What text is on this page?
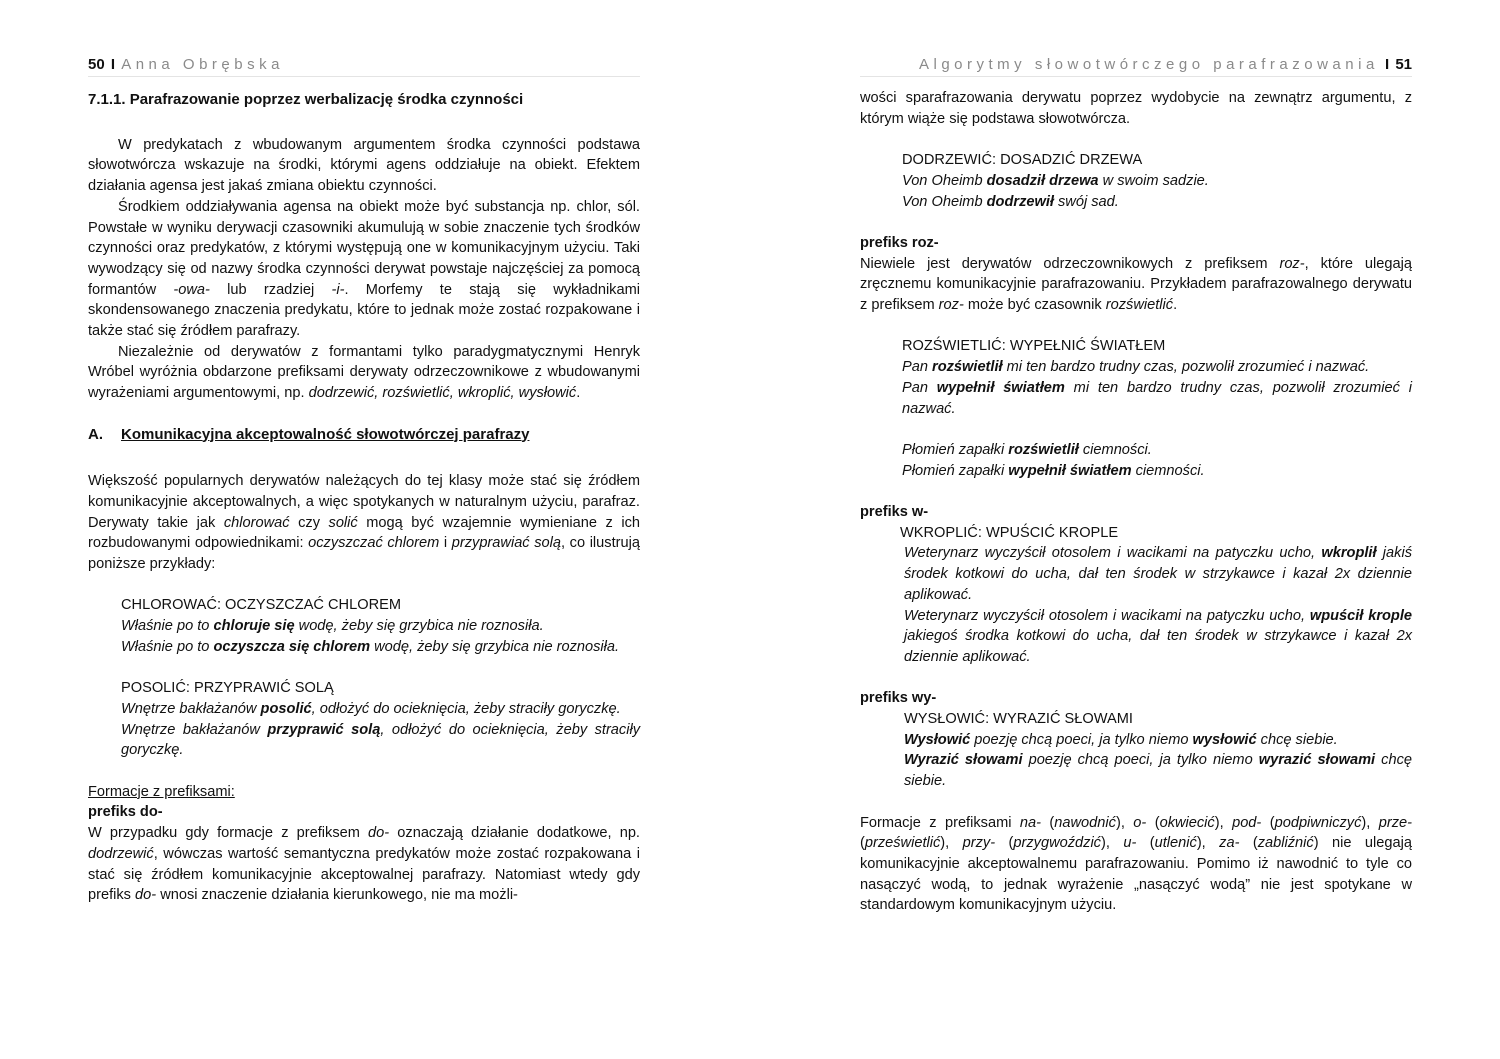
50 I Anna Obrębska

7.1.1. Parafrazowanie poprzez werbalizację środka czynności

W predykatach z wbudowanym argumentem środka czynności podstawa słowotwórcza wskazuje na środki, którymi agens oddziałuje na obiekt. Efektem działania agensa jest jakaś zmiana obiektu czynności.

Środkiem oddziaływania agensa na obiekt może być substancja np. chlor, sól. Powstałe w wyniku derywacji czasowniki akumulują w sobie znaczenie tych środków czynności oraz predykatów, z którymi występują one w komunikacyjnym użyciu. Taki wywodzący się od nazwy środka czynności derywat powstaje najczęściej za pomocą formantów -owa- lub rzadziej -i-. Morfemy te stają się wykładnikami skondensowanego znaczenia predykatu, które to jednak może zostać rozpakowane i także stać się źródłem parafrazy.

Niezależnie od derywatów z formantami tylko paradygmatycznymi Henryk Wróbel wyróżnia obdarzone prefiksami derywaty odrzeczownikowe z wbudowanymi wyrażeniami argumentowymi, np. dodrzewić, rozświetlić, wkroplić, wysłowić.

A. Komunikacyjna akceptowalność słowotwórczej parafrazy

Większość popularnych derywatów należących do tej klasy może stać się źródłem komunikacyjnie akceptowalnych, a więc spotykanych w naturalnym użyciu, parafraz. Derywaty takie jak chlorować czy solić mogą być wzajemnie wymieniane z ich rozbudowanymi odpowiednikami: oczyszczać chlorem i przyprawiać solą, co ilustrują poniższe przykłady:

CHLOROWAĆ: OCZYSZCZAĆ CHLOREM

Właśnie po to chloruje się wodę, żeby się grzybica nie roznosiła.

Właśnie po to oczyszcza się chlorem wodę, żeby się grzybica nie roznosiła.

POSOLIĆ: PRZYPRAWIĆ SOLĄ

Wnętrze bakłażanów posolić, odłożyć do ocieknięcia, żeby straciły goryczkę.

Wnętrze bakłażanów przyprawić solą, odłożyć do ocieknięcia, żeby straciły goryczkę.

Formacje z prefiksami:

prefiks do-

W przypadku gdy formacje z prefiksem do- oznaczają działanie dodatkowe, np. dodrzewić, wówczas wartość semantyczna predykatów może zostać rozpakowana i stać się źródłem komunikacyjnie akceptowalnej parafrazy. Natomiast wtedy gdy prefiks do- wnosi znaczenie działania kierunkowego, nie ma możli-

Algorytmy słowotwórczego parafrazowania I 51

wości sparafrazowania derywatu poprzez wydobycie na zewnątrz argumentu, z którym wiąże się podstawa słowotwórcza.

DODRZEWIĆ: DOSADZIĆ DRZEWA

Von Oheimb dosadził drzewa w swoim sadzie.

Von Oheimb dodrzewił swój sad.

prefiks roz-

Niewiele jest derywatów odrzeczownikowych z prefiksem roz-, które ulegają zręcznemu komunikacyjnie parafrazowaniu. Przykładem parafrazowalnego derywatu z prefiksem roz- może być czasownik rozświetlić.

ROZŚWIETLIĆ: WYPEŁNIĆ ŚWIATŁEM

Pan rozświetlił mi ten bardzo trudny czas, pozwolił zrozumieć i nazwać.

Pan wypełnił światłem mi ten bardzo trudny czas, pozwolił zrozumieć i nazwać.

Płomień zapałki rozświetlił ciemności.

Płomień zapałki wypełnił światłem ciemności.

prefiks w-

WKROPLIĆ: WPUŚCIĆ KROPLE

Weterynarz wyczyścił otosolem i wacikami na patyczku ucho, wkroplił jakiś środek kotkowi do ucha, dał ten środek w strzykawce i kazał 2x dziennie aplikować.

Weterynarz wyczyścił otosolem i wacikami na patyczku ucho, wpuścił krople jakiegoś środka kotkowi do ucha, dał ten środek w strzykawce i kazał 2x dziennie aplikować.

prefiks wy-

WYSŁOWIĆ: WYRAZIĆ SŁOWAMI

Wysłowić poezję chcą poeci, ja tylko niemo wysłowić chcę siebie.

Wyrazić słowami poezję chcą poeci, ja tylko niemo wyrazić słowami chcę siebie.

Formacje z prefiksami na- (nawodnić), o- (okwiecić), pod- (podpiwniczyć), prze- (prześwietlić), przy- (przygwoździć), u- (utlenić), za- (zabliźnić) nie ulegają komunikacyjnie akceptowalnemu parafrazowaniu. Pomimo iż nawodnić to tyle co nasączyć wodą, to jednak wyrażenie „nasączyć wodą” nie jest spotykane w standardowym komunikacyjnym użyciu.
